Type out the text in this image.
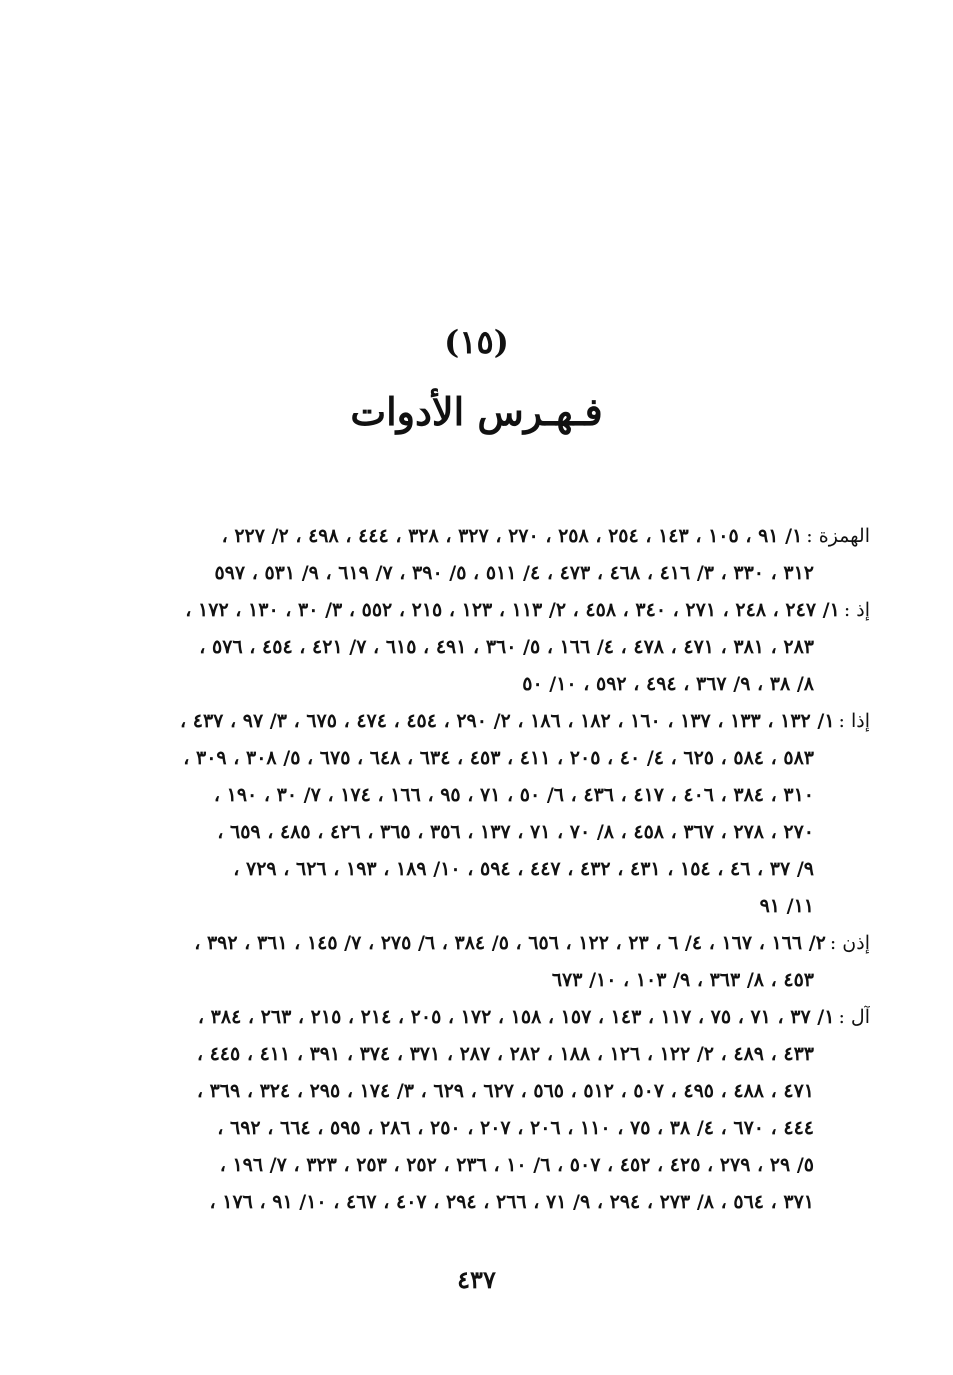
(١٥)
فـهـرس الأدوات
الهمزة :١/ ٩١ ، ١٠٥ ، ١٤٣ ، ٢٥٤ ، ٢٥٨ ، ٢٧٠ ، ٣٢٧ ، ٣٢٨ ، ٤٤٤ ، ٤٩٨ ، ٢/ ٢٢٧ ،
٣١٢ ، ٣٣٠ ، ٣/ ٤١٦ ، ٤٦٨ ، ٤٧٣ ، ٤/ ٥١١ ، ٥/ ٣٩٠ ، ٧/ ٦١٩ ، ٩/ ٥٣١ ، ٥٩٧
إذ :١/ ٢٤٧ ، ٢٤٨ ، ٢٧١ ، ٣٤٠ ، ٤٥٨ ، ٢/ ١١٣ ، ١٢٣ ، ٢١٥ ، ٥٥٢ ، ٣/ ٣٠ ، ١٣٠ ، ١٧٢ ،
٢٨٣ ، ٣٨١ ، ٤٧١ ، ٤٧٨ ، ٤/ ١٦٦ ، ٥/ ٣٦٠ ، ٤٩١ ، ٦١٥ ، ٧/ ٤٢١ ، ٤٥٤ ، ٥٧٦ ،
٨/ ٣٨ ، ٩/ ٣٦٧ ، ٤٩٤ ، ٥٩٢ ، ١٠/ ٥٠
إذا :١/ ١٣٢ ، ١٣٣ ، ١٣٧ ، ١٦٠ ، ١٨٢ ، ١٨٦ ، ٢/ ٢٩٠ ، ٤٥٤ ، ٤٧٤ ، ٦٧٥ ، ٣/ ٩٧ ، ٤٣٧ ،
٥٨٣ ، ٥٨٤ ، ٦٢٥ ، ٤/ ٤٠ ، ٢٠٥ ، ٤١١ ، ٤٥٣ ، ٦٣٤ ، ٦٤٨ ، ٦٧٥ ، ٥/ ٣٠٨ ، ٣٠٩ ،
٣١٠ ، ٣٨٤ ، ٤٠٦ ، ٤١٧ ، ٤٣٦ ، ٦/ ٥٠ ، ٧١ ، ٩٥ ، ١٦٦ ، ١٧٤ ، ٧/ ٣٠ ، ١٩٠ ،
٢٧٠ ، ٢٧٨ ، ٣٦٧ ، ٤٥٨ ، ٨/ ٧٠ ، ٧١ ، ١٣٧ ، ٣٥٦ ، ٣٦٥ ، ٤٢٦ ، ٤٨٥ ، ٦٥٩ ،
٩/ ٣٧ ، ٤٦ ، ١٥٤ ، ٤٣١ ، ٤٣٢ ، ٤٤٧ ، ٥٩٤ ، ١٠/ ١٨٩ ، ١٩٣ ، ٦٢٦ ، ٧٢٩ ،
١١/ ٩١
إذن :٢/ ١٦٦ ، ١٦٧ ، ٤/ ٦ ، ٢٣ ، ١٢٢ ، ٦٥٦ ، ٥/ ٣٨٤ ، ٦/ ٢٧٥ ، ٧/ ١٤٥ ، ٣٦١ ، ٣٩٢ ،
٤٥٣ ، ٨/ ٣٦٣ ، ٩/ ١٠٣ ، ١٠/ ٦٧٣
آل :١/ ٣٧ ، ٧١ ، ٧٥ ، ١١٧ ، ١٤٣ ، ١٥٧ ، ١٥٨ ، ١٧٢ ، ٢٠٥ ، ٢١٤ ، ٢١٥ ، ٢٦٣ ، ٣٨٤ ،
٤٣٣ ، ٤٨٩ ، ٢/ ١٢٢ ، ١٢٦ ، ١٨٨ ، ٢٨٢ ، ٢٨٧ ، ٣٧١ ، ٣٧٤ ، ٣٩١ ، ٤١١ ، ٤٤٥ ،
٤٧١ ، ٤٨٨ ، ٤٩٥ ، ٥٠٧ ، ٥١٢ ، ٥٦٥ ، ٦٢٧ ، ٦٢٩ ، ٣/ ١٧٤ ، ٢٩٥ ، ٣٢٤ ، ٣٦٩ ،
٤٤٤ ، ٦٧٠ ، ٤/ ٣٨ ، ٧٥ ، ١١٠ ، ٢٠٦ ، ٢٠٧ ، ٢٥٠ ، ٢٨٦ ، ٥٩٥ ، ٦٦٤ ، ٦٩٢ ،
٥/ ٢٩ ، ٢٧٩ ، ٤٢٥ ، ٤٥٢ ، ٥٠٧ ، ٦/ ١٠ ، ٢٣٦ ، ٢٥٢ ، ٢٥٣ ، ٣٢٣ ، ٧/ ١٩٦ ،
٣٧١ ، ٥٦٤ ، ٨/ ٢٧٣ ، ٢٩٤ ، ٩/ ٧١ ، ٢٦٦ ، ٢٩٤ ، ٤٠٧ ، ٤٦٧ ، ١٠/ ٩١ ، ١٧٦ ،
٤٣٧
